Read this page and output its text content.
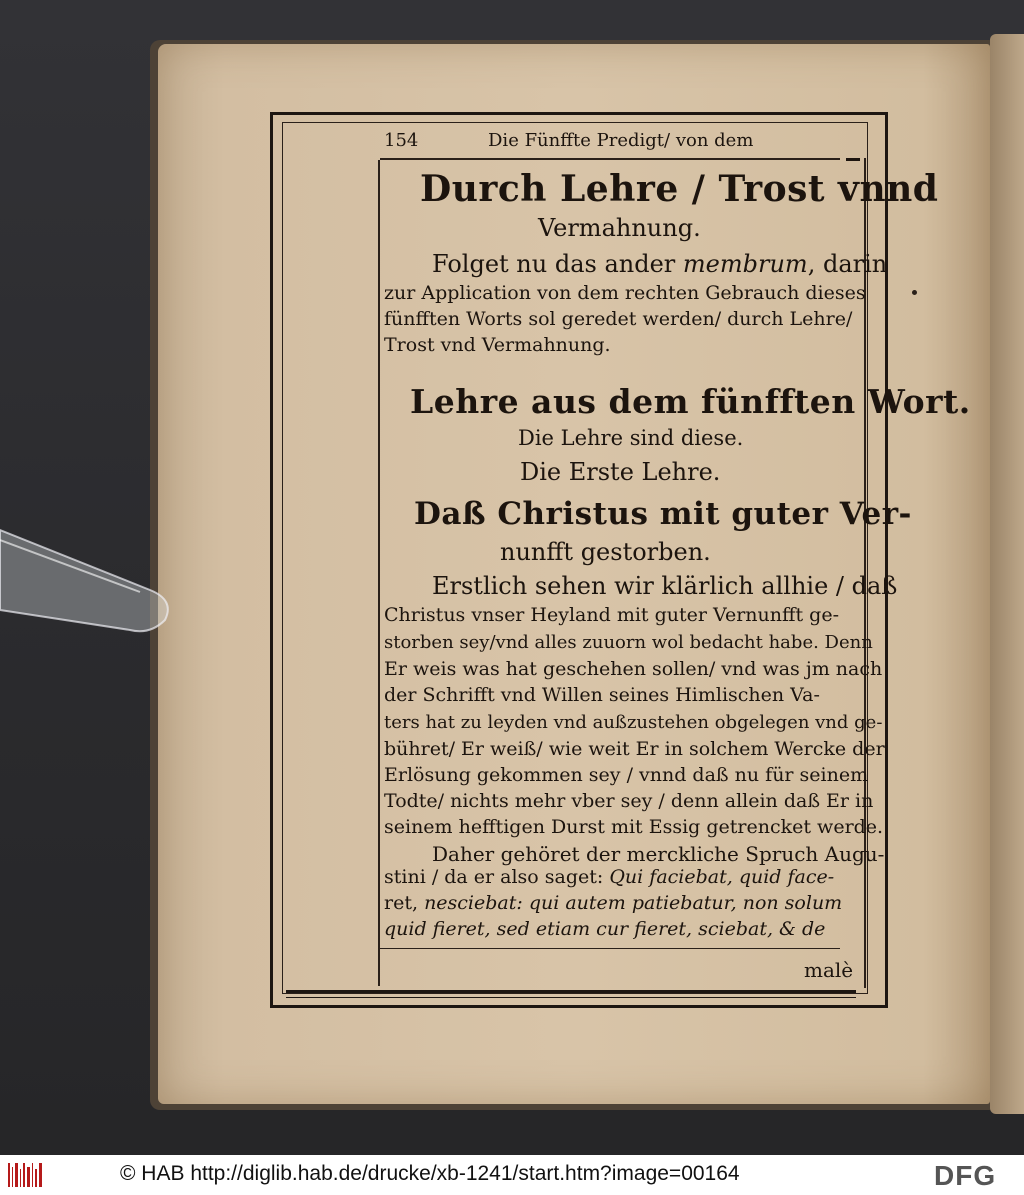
154	Die Fünffte Predigt/ von dem
Durch Lehre / Trost vnnd
Vermahnung.
Folget nu das ander membrum, darin
zur Application von dem rechten Gebrauch dieses
fünfften Worts sol geredet werden/ durch Lehre/
Trost vnd Vermahnung.
Lehre aus dem fünfften Wort.
Die Lehre sind diese.
Die Erste Lehre.
Daß Christus mit guter Ver-
nunfft gestorben.
Erstlich sehen wir klärlich allhie / daß
Christus vnser Heyland mit guter Vernunfft ge-
storben sey/vnd alles zuuorn wol bedacht habe. Denn
Er weis was hat geschehen sollen/ vnd was jm nach
der Schrifft vnd Willen seines Himlischen Va-
ters hat zu leyden vnd außzustehen obgelegen vnd ge-
bühret/ Er weiß/ wie weit Er in solchem Wercke der
Erlösung gekommen sey / vnnd daß nu für seinem
Todte/ nichts mehr vber sey / denn allein daß Er in
seinem hefftigen Durst mit Essig getrencket werde.
Daher gehöret der merckliche Spruch Augu-
stini / da er also saget: Qui faciebat, quid face-
ret, nesciebat: qui autem patiebatur, non solum
quid fieret, sed etiam cur fieret, sciebat, & de
malè
© HAB http://diglib.hab.de/drucke/xb-1241/start.htm?image=00164	DFG
